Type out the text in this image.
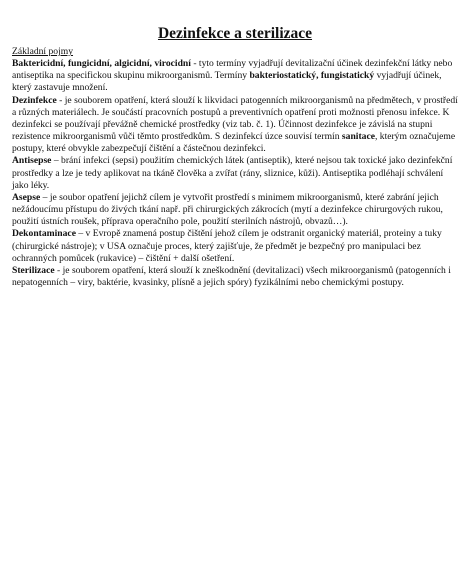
Dezinfekce a sterilizace

Základní pojmy

Baktericidní, fungicidní, algicidní, virocidní - tyto termíny vyjadřují devitalizační účinek dezinfekční látky nebo antiseptika na specifickou skupinu mikroorganismů. Termíny bakteriostatický, fungistatický vyjadřují účinek, který zastavuje množení.

Dezinfekce - je souborem opatření, která slouží k likvidaci patogenních mikroorganismů na předmětech, v prostředí a různých materiálech. Je součástí pracovních postupů a preventivních opatření proti možnosti přenosu infekce. K dezinfekci se používají převážně chemické prostředky (viz tab. č. 1). Účinnost dezinfekce je závislá na stupni rezistence mikroorganismů vůči těmto prostředkům. S dezinfekcí úzce souvisí termín sanitace, kterým označujeme postupy, které obvykle zabezpečují čištění a částečnou dezinfekci.

Antisepse – brání infekci (sepsi) použitím chemických látek (antiseptik), které nejsou tak toxické jako dezinfekční prostředky a lze je tedy aplikovat na tkáně člověka a zvířat (rány, sliznice, kůži). Antiseptika podléhají schválení jako léky.

Asepse – je soubor opatření jejichž cílem je vytvořit prostředí s minimem mikroorganismů, které zabrání jejich nežádoucímu přístupu do živých tkání např. při chirurgických zákrocích (mytí a dezinfekce chirurgových rukou, použití ústních roušek, příprava operačního pole, použití sterilních nástrojů, obvazů…).

Dekontaminace – v Evropě znamená postup čištění jehož cílem je odstranit organický materiál, proteiny a tuky (chirurgické nástroje); v USA označuje proces, který zajišťuje, že předmět je bezpečný pro manipulaci bez ochranných pomůcek (rukavice) – čištění + další ošetření.

Sterilizace - je souborem opatření, která slouží k zneškodnění (devitalizaci) všech mikroorganismů (patogenních i nepatogenních – viry, baktérie, kvasinky, plísně a jejich spóry) fyzikálními nebo chemickými postupy.
